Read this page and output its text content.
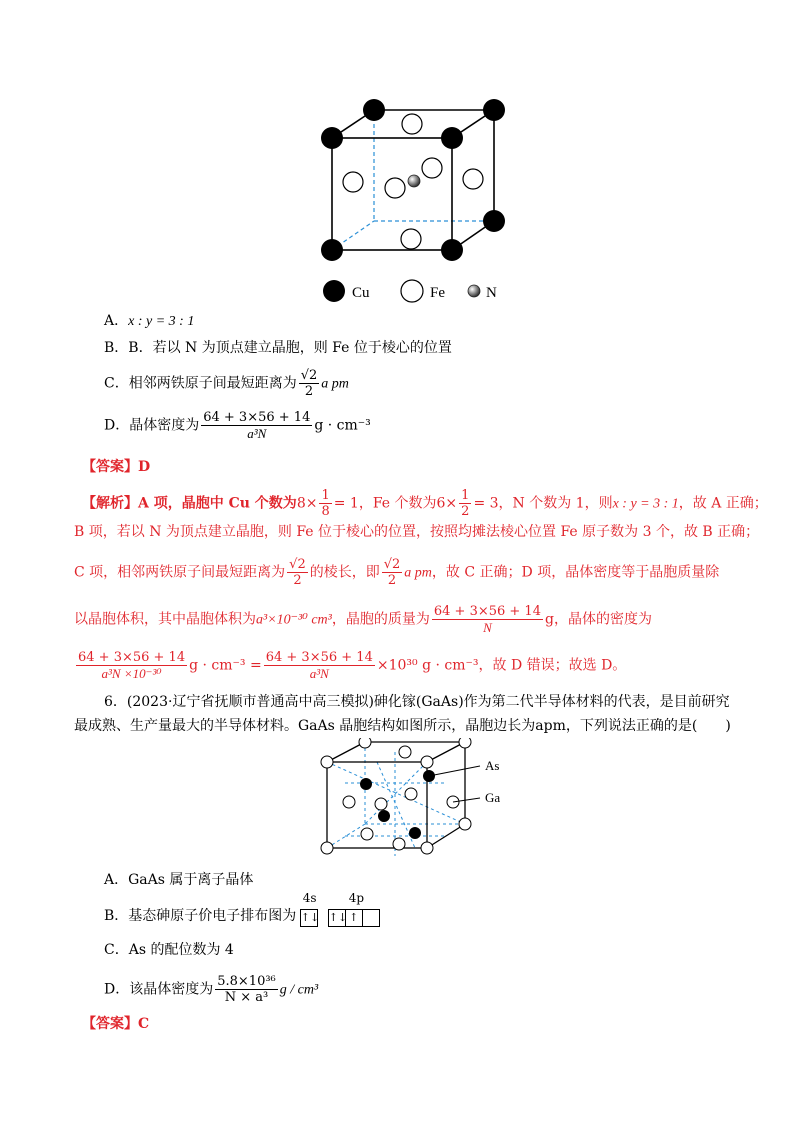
Cu	Fe	N
A．x : y = 3 : 1
B．B．若以 N 为顶点建立晶胞，则 Fe 位于棱心的位置
C．相邻两铁原子间最短距离为 $\frac{√2}{2}$ a pm
D．晶体密度为 $\frac{64 + 3\times 56 + 14}{\text{a³N}}$ g · cm⁻³
【答案】D
【解析】A 项，晶胞中 Cu 个数为$8\times \frac{1}{8} = 1$，Fe 个数为$6\times \frac{1}{2} = 3$，N 个数为 1，则x : y = 3 : 1，故 A 正确；
B 项，若以 N 为顶点建立晶胞，则 Fe 位于棱心的位置，按照均摊法棱心位置 Fe 原子数为 3 个，故 B 正确；
C 项，相邻两铁原子间最短距离为 $\frac{√2}{2}$ 的棱长，即 $\frac{√2}{2}$ a pm，故 C 正确；D 项，晶体密度等于晶胞质量除
以晶胞体积，其中晶胞体积为a³×10⁻³⁰ cm³，晶胞的质量为 $\frac{64 + 3\times 56 + 14}{N}$ g，晶体的密度为
$\frac{64 + 3\times 56 + 14}{\text{a³N ×10⁻³⁰}}$ $g \cdot cm^{-3} = \frac{64 + 3\times 56 + 14}{\text{a³N}} \times 10^{30}$ g · cm⁻³，故 D 错误；故选 D。
6．(2023·辽宁省抚顺市普通高中高三模拟)砷化镓(GaAs)作为第二代半导体材料的代表，是目前研究
最成熟、生产量最大的半导体材料。GaAs 晶胞结构如图所示，晶胞边长为apm，下列说法正确的是(　　)
As
Ga
A．GaAs 属于离子晶体
B．基态砷原子价电子排布图为
4s	4p
↑↓ ↑↓ ↑
C．As 的配位数为 4
D．该晶体密度为 $\frac{\text{5.8×10³⁶}}{\text{N × a³}}$ g / cm³
【答案】C
